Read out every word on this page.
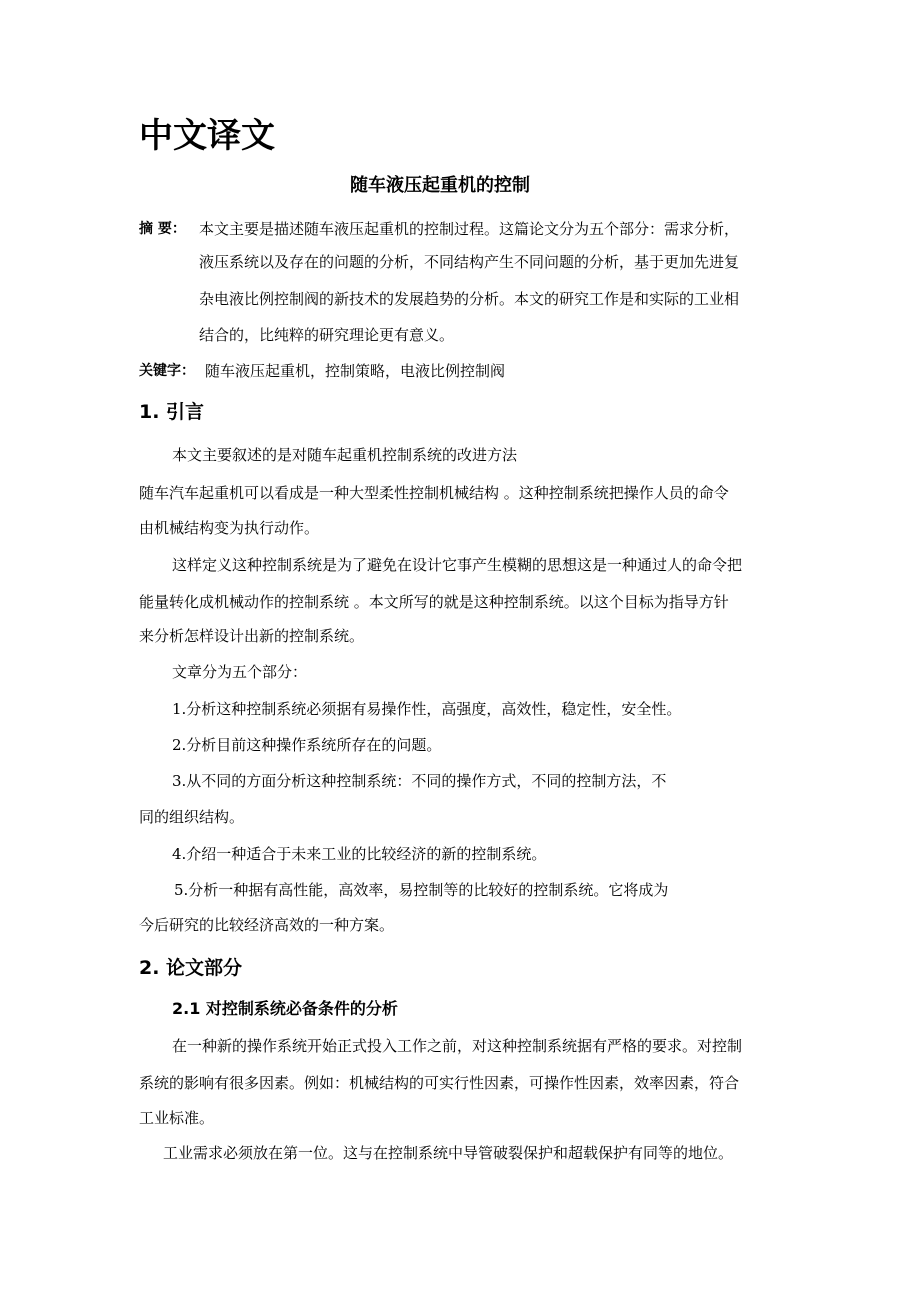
中文译文
随车液压起重机的控制
摘 要： 本文主要是描述随车液压起重机的控制过程。这篇论文分为五个部分：需求分析，

液压系统以及存在的问题的分析，不同结构产生不同问题的分析，基于更加先进复

杂电液比例控制阀的新技术的发展趋势的分析。本文的研究工作是和实际的工业相

结合的，比纯粹的研究理论更有意义。

关键字： 随车液压起重机，控制策略，电液比例控制阀
1. 引言

本文主要叙述的是对随车起重机控制系统的改进方法

随车汽车起重机可以看成是一种大型柔性控制机械结构 。这种控制系统把操作人员的命令

由机械结构变为执行动作。

这样定义这种控制系统是为了避免在设计它事产生模糊的思想这是一种通过人的命令把

能量转化成机械动作的控制系统 。本文所写的就是这种控制系统。以这个目标为指导方针

来分析怎样设计出新的控制系统。

文章分为五个部分：

1.分析这种控制系统必须据有易操作性，高强度，高效性，稳定性，安全性。

2.分析目前这种操作系统所存在的问题。

3.从不同的方面分析这种控制系统：不同的操作方式，不同的控制方法，不

同的组织结构。

4.介绍一种适合于未来工业的比较经济的新的控制系统。

5.分析一种据有高性能，高效率，易控制等的比较好的控制系统。它将成为

今后研究的比较经济高效的一种方案。

2. 论文部分
2.1 对控制系统必备条件的分析

在一种新的操作系统开始正式投入工作之前，对这种控制系统据有严格的要求。对控制

系统的影响有很多因素。例如：机械结构的可实行性因素，可操作性因素，效率因素，符合

工业标准。

工业需求必须放在第一位。这与在控制系统中导管破裂保护和超载保护有同等的地位。
